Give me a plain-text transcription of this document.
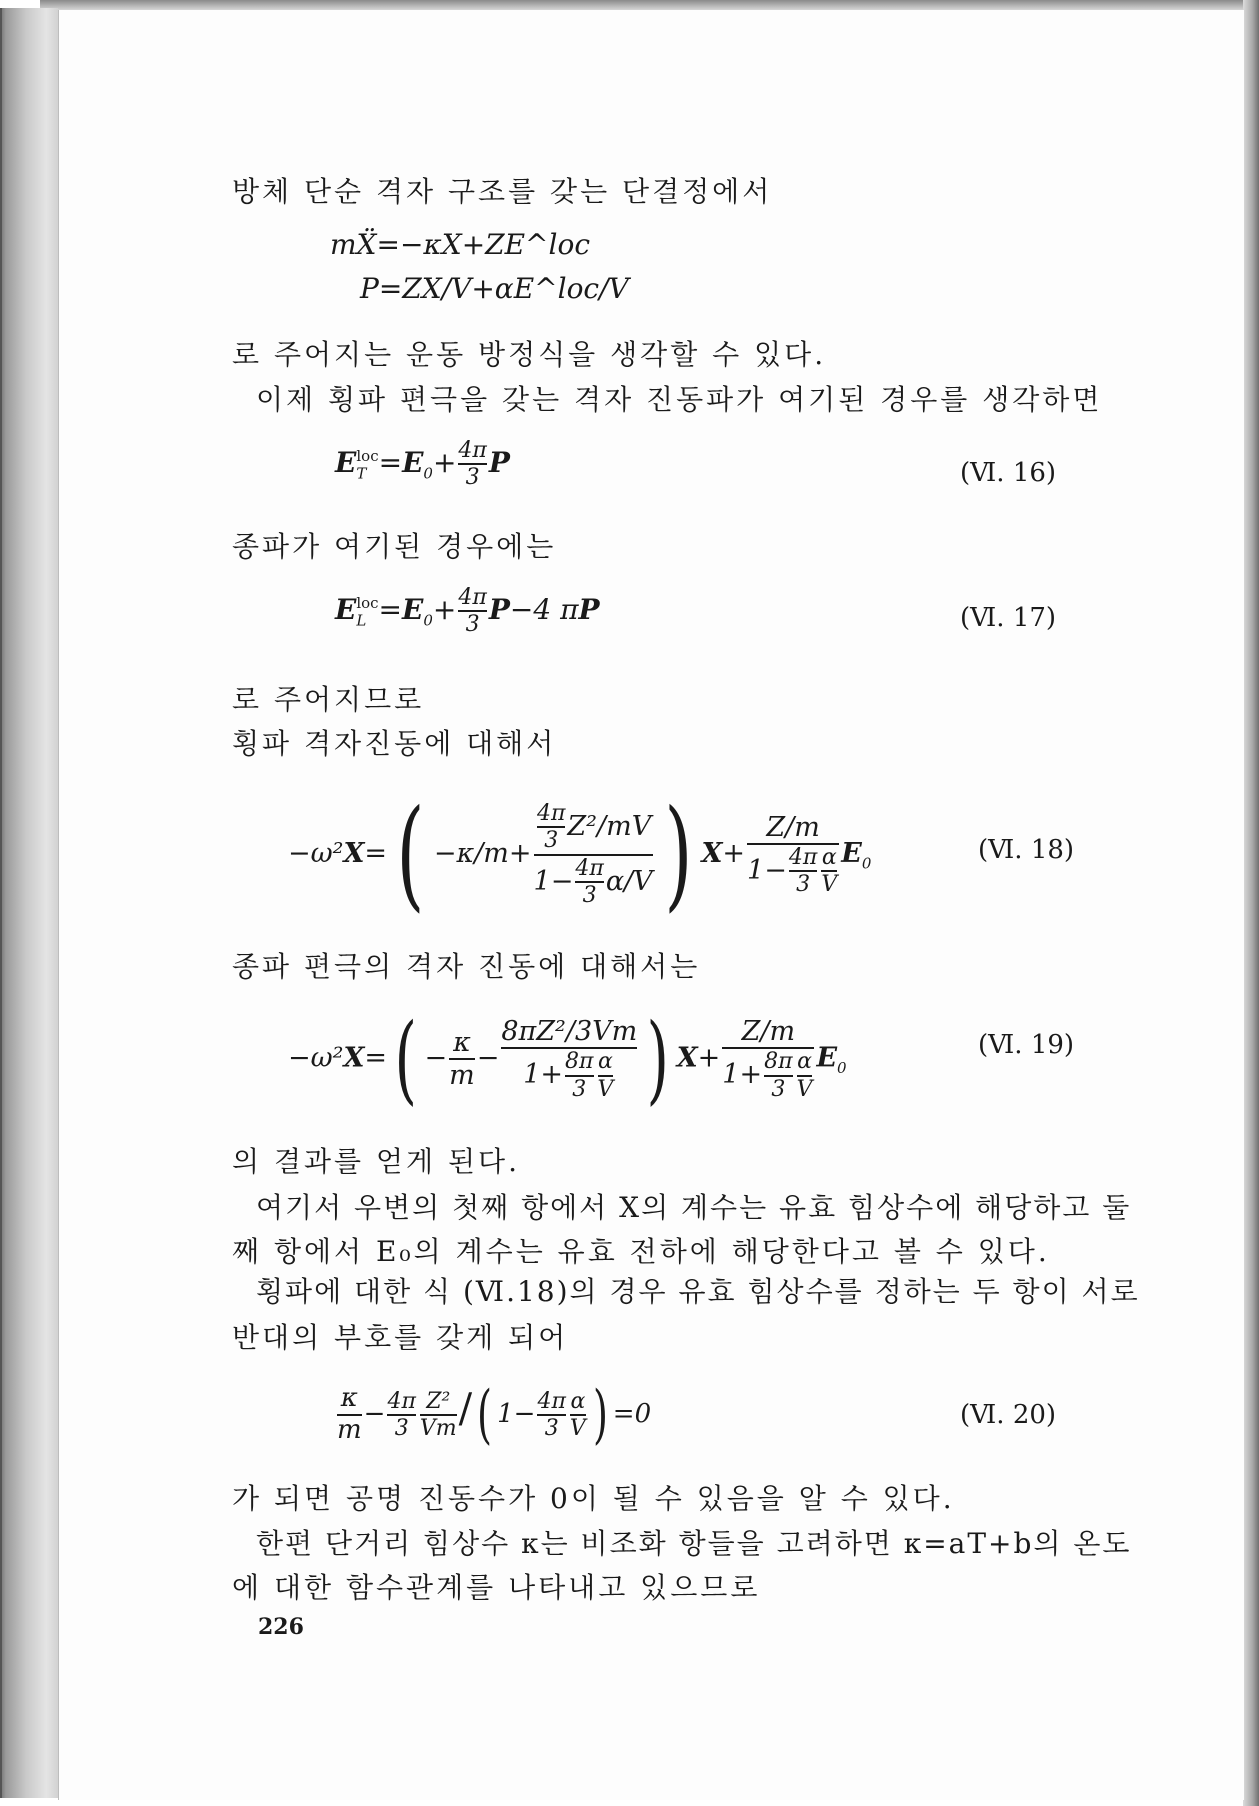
방체 단순 격자 구조를 갖는 단결정에서
mẌ=−κX+ZE^loc
P=ZX/V+αE^loc/V
로 주어지는 운동 방정식을 생각할 수 있다.
이제 횡파 편극을 갖는 격자 진동파가 여기된 경우를 생각하면
$E_T^{loc}=E_0+ \frac{4\pi}{3}$ P	(Ⅵ. 16)
종파가 여기된 경우에는
$E_L^{loc}=E_0+ \frac{4\pi}{3} P-4$ πP	(Ⅵ. 17)
로 주어지므로
횡파 격자진동에 대해서
$-\omega^2X=( -\kappa/m+ \frac{\frac{4\pi}{3} Z^2/mV}{1- \frac{4\pi}{3} \alpha/V}$ ) $X+ \frac{Z/m}{1- \frac{4\pi}{3} \frac{\alpha}{V}} E_0$	(Ⅵ. 18)
종파 편극의 격자 진동에 대해서는
$-\omega^2X=( - \frac{\kappa}{m} - \frac{\text{8πZ²/3Vm}}{1+ \frac{8\pi}{3} \frac{\alpha}{V}}$ ) $X+ \frac{Z/m}{1+ \frac{8\pi}{3} \frac{\alpha}{V}} E_0$
(Ⅵ. 19)
의 결과를 얻게 된다.
여기서 우변의 첫째 항에서 X의 계수는 유효 힘상수에 해당하고 둘
째 항에서 E₀의 계수는 유효 전하에 해당한다고 볼 수 있다.
횡파에 대한 식 (Ⅵ.18)의 경우 유효 힘상수를 정하는 두 항이 서로
반대의 부호를 갖게 되어
$\frac{\kappa}{m} - \frac{4\pi}{3} \frac{\text{Z²}}{Vm}$ /( $1- \frac{4\pi}{3} \frac{\alpha}{V}$ ) =0	(Ⅵ. 20)
가 되면 공명 진동수가 0이 될 수 있음을 알 수 있다.
한편 단거리 힘상수 κ는 비조화 항들을 고려하면 κ=aT+b의 온도
에 대한 함수관계를 나타내고 있으므로
226
